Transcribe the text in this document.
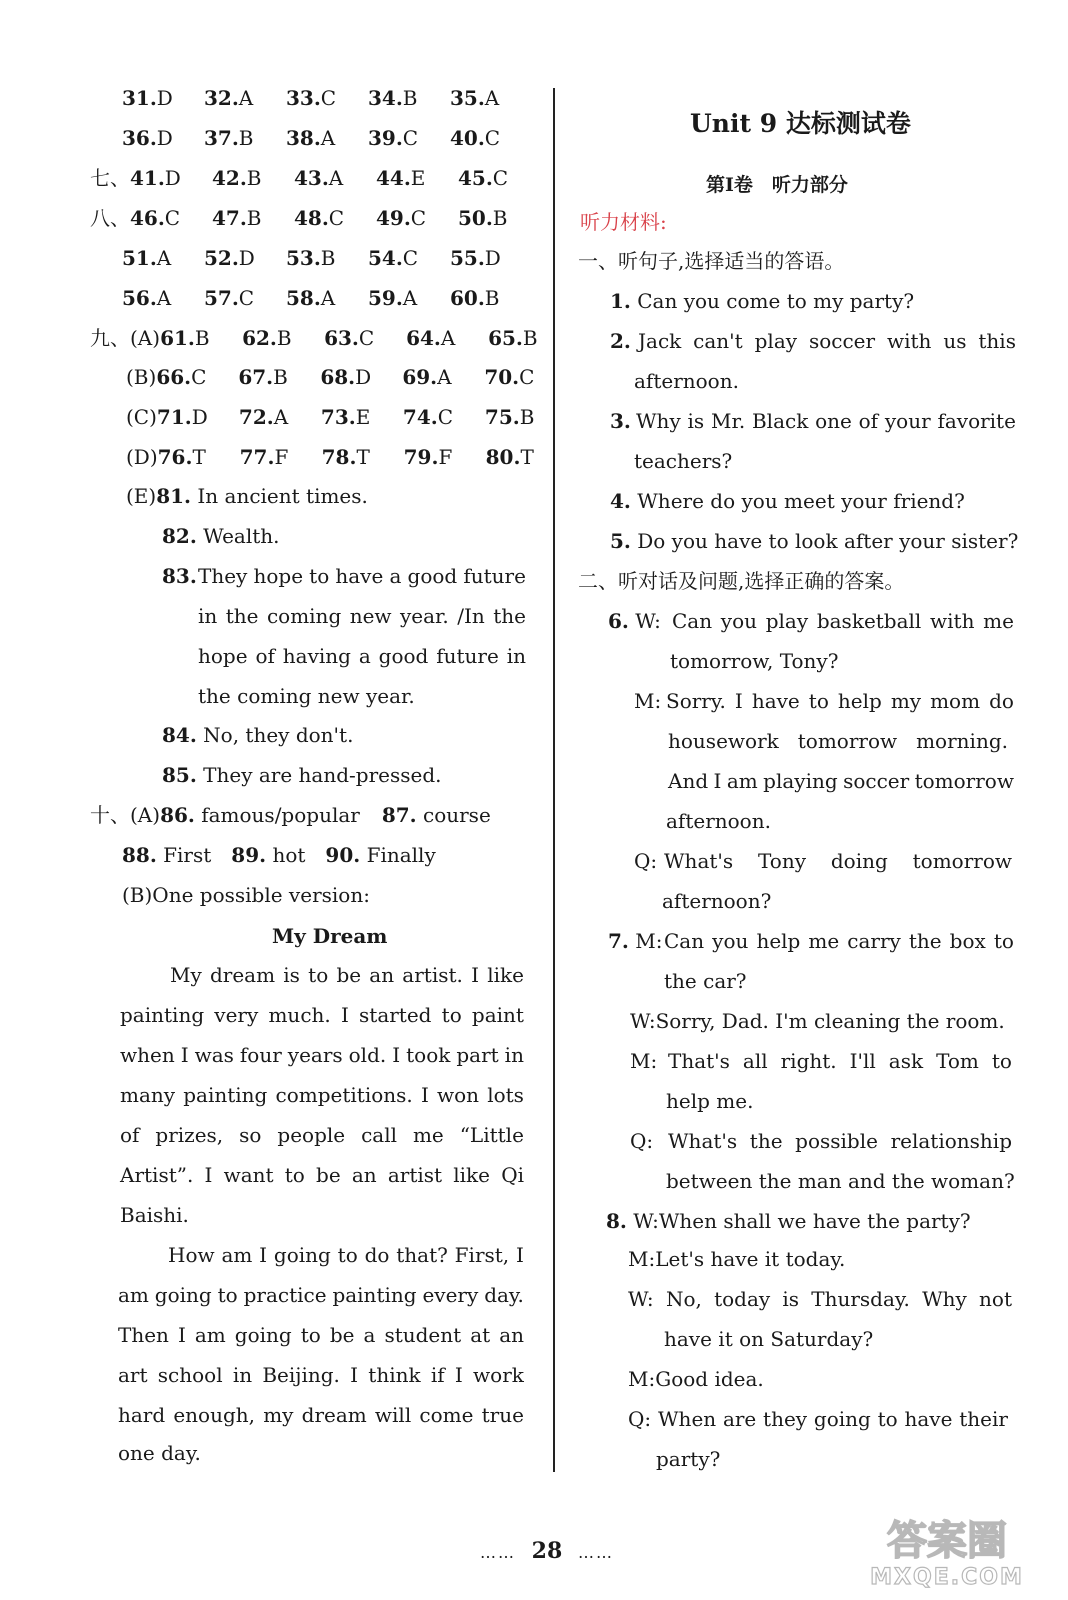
31.D 32.A 33.C 34.B 35.A
36.D 37.B 38.A 39.C 40.C
七、41.D 42.B 43.A 44.E 45.C
八、46.C 47.B 48.C 49.C 50.B
51.A 52.D 53.B 54.C 55.D
56.A 57.C 58.A 59.A 60.B
九、(A)61.B 62.B 63.C 64.A 65.B
(B)66.C 67.B 68.D 69.A 70.C
(C)71.D 72.A 73.E 74.C 75.B
(D)76.T 77.F 78.T 79.F 80.T
(E)81. In ancient times.
82. Wealth.
83. They hope to have a good future
in the coming new year. /In the
hope of having a good future in
the coming new year.
84. No, they don't.
85. They are hand-pressed.
十、(A)86. famous/popular 87. course
88. First 89. hot 90. Finally
(B)One possible version:
My Dream
My dream is to be an artist. I like
painting very much. I started to paint
when I was four years old. I took part in
many painting competitions. I won lots
of prizes, so people call me “Little
Artist”. I want to be an artist like Qi
Baishi.
How am I going to do that? First, I
am going to practice painting every day.
Then I am going to be a student at an
art school in Beijing. I think if I work
hard enough, my dream will come true
one day.
Unit 9 达标测试卷
第Ⅰ卷　听力部分
听力材料:
一、听句子,选择适当的答语。
1. Can you come to my party?
2. Jack can't play soccer with us this
afternoon.
3. Why is Mr. Black one of your favorite
teachers?
4. Where do you meet your friend?
5. Do you have to look after your sister?
二、听对话及问题,选择正确的答案。
6. W: Can you play basketball with me
tomorrow, Tony?
M: Sorry. I have to help my mom do
housework tomorrow morning.
And I am playing soccer tomorrow
afternoon.
Q: What's Tony doing tomorrow
afternoon?
7. M: Can you help me carry the box to
the car?
W:Sorry, Dad. I'm cleaning the room.
M: That's all right. I'll ask Tom to
help me.
Q: What's the possible relationship
between the man and the woman?
8. W:When shall we have the party?
M:Let's have it today.
W: No, today is Thursday. Why not
have it on Saturday?
M:Good idea.
Q: When are they going to have their
party?
…… 28 ……	答案圈
MXQE.COM
